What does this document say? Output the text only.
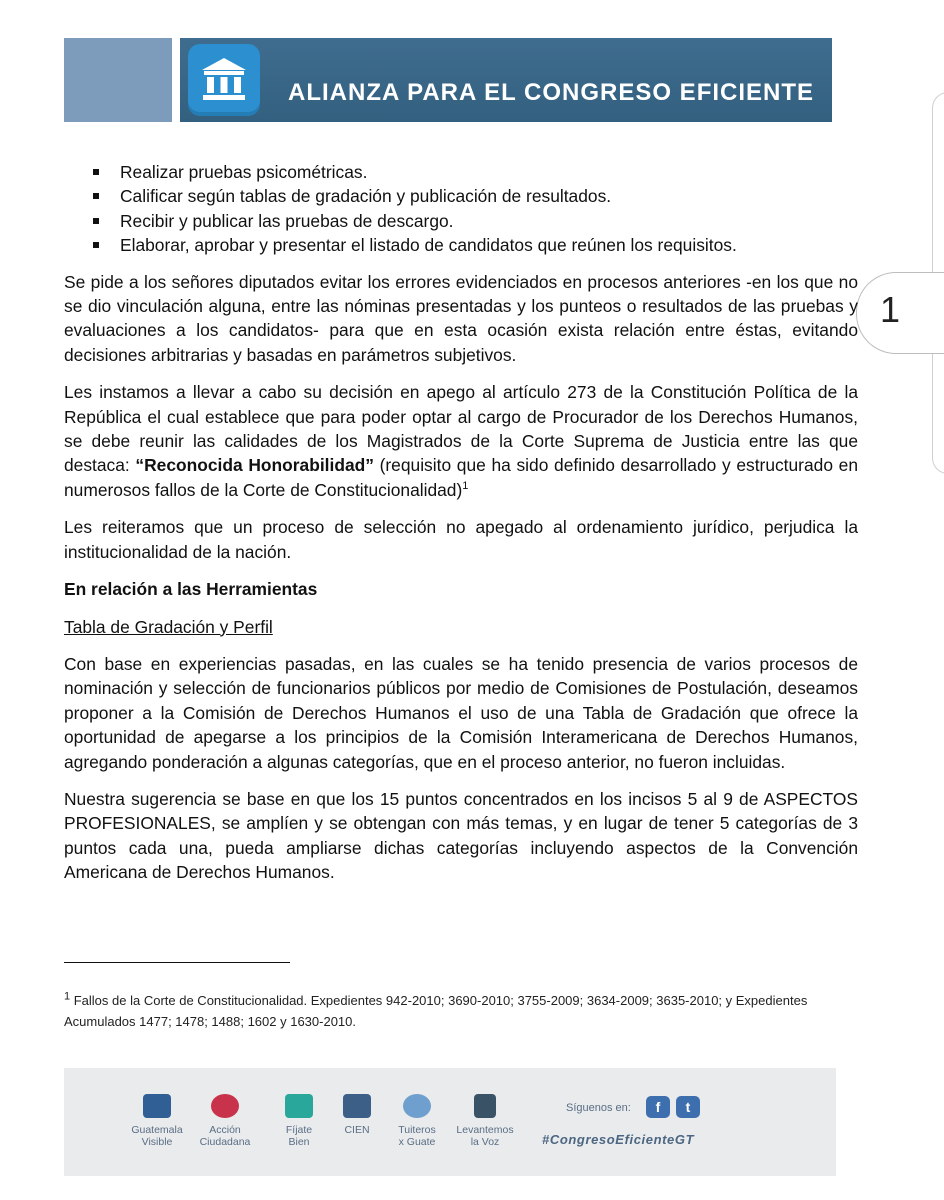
ALIANZA PARA EL CONGRESO EFICIENTE
1
Realizar pruebas psicométricas.
Calificar según tablas de gradación y publicación de resultados.
Recibir y publicar las pruebas de descargo.
Elaborar, aprobar y presentar el listado de candidatos que reúnen los requisitos.

Se pide a los señores diputados evitar los errores evidenciados en procesos anteriores -en los que no se dio vinculación alguna, entre las nóminas presentadas y los punteos o resultados de las pruebas y evaluaciones a los candidatos- para que en esta ocasión exista relación entre éstas, evitando decisiones arbitrarias y basadas en parámetros subjetivos.

Les instamos a llevar a cabo su decisión en apego al artículo 273 de la Constitución Política de la República el cual establece que para poder optar al cargo de Procurador de los Derechos Humanos, se debe reunir las calidades de los Magistrados de la Corte Suprema de Justicia entre las que destaca: “Reconocida Honorabilidad” (requisito que ha sido definido desarrollado y estructurado en numerosos fallos de la Corte de Constitucionalidad)$^1$

Les reiteramos que un proceso de selección no apegado al ordenamiento jurídico, perjudica la institucionalidad de la nación.

En relación a las Herramientas

Tabla de Gradación y Perfil

Con base en experiencias pasadas, en las cuales se ha tenido presencia de varios procesos de nominación y selección de funcionarios públicos por medio de Comisiones de Postulación, deseamos proponer a la Comisión de Derechos Humanos el uso de una Tabla de Gradación que ofrece la oportunidad de apegarse a los principios de la Comisión Interamericana de Derechos Humanos, agregando ponderación a algunas categorías, que en el proceso anterior, no fueron incluidas.

Nuestra sugerencia se base en que los 15 puntos concentrados en los incisos 5 al 9 de ASPECTOS PROFESIONALES, se amplíen y se obtengan con más temas, y en lugar de tener 5 categorías de 3 puntos cada una, pueda ampliarse dichas categorías incluyendo aspectos de la Convención Americana de Derechos Humanos.

$^1$ Fallos de la Corte de Constitucionalidad. Expedientes 942-2010; 3690-2010; 3755-2009; 3634-2009; 3635-2010; y Expedientes Acumulados 1477; 1478; 1488; 1602 y 1630-2010.
Guatemala
Visible
Acción
Ciudadana
Fíjate
Bien
CIEN	Tuiteros
x Guate
Levantemos
la Voz
Síguenos en:	f	t
#CongresoEficienteGT
